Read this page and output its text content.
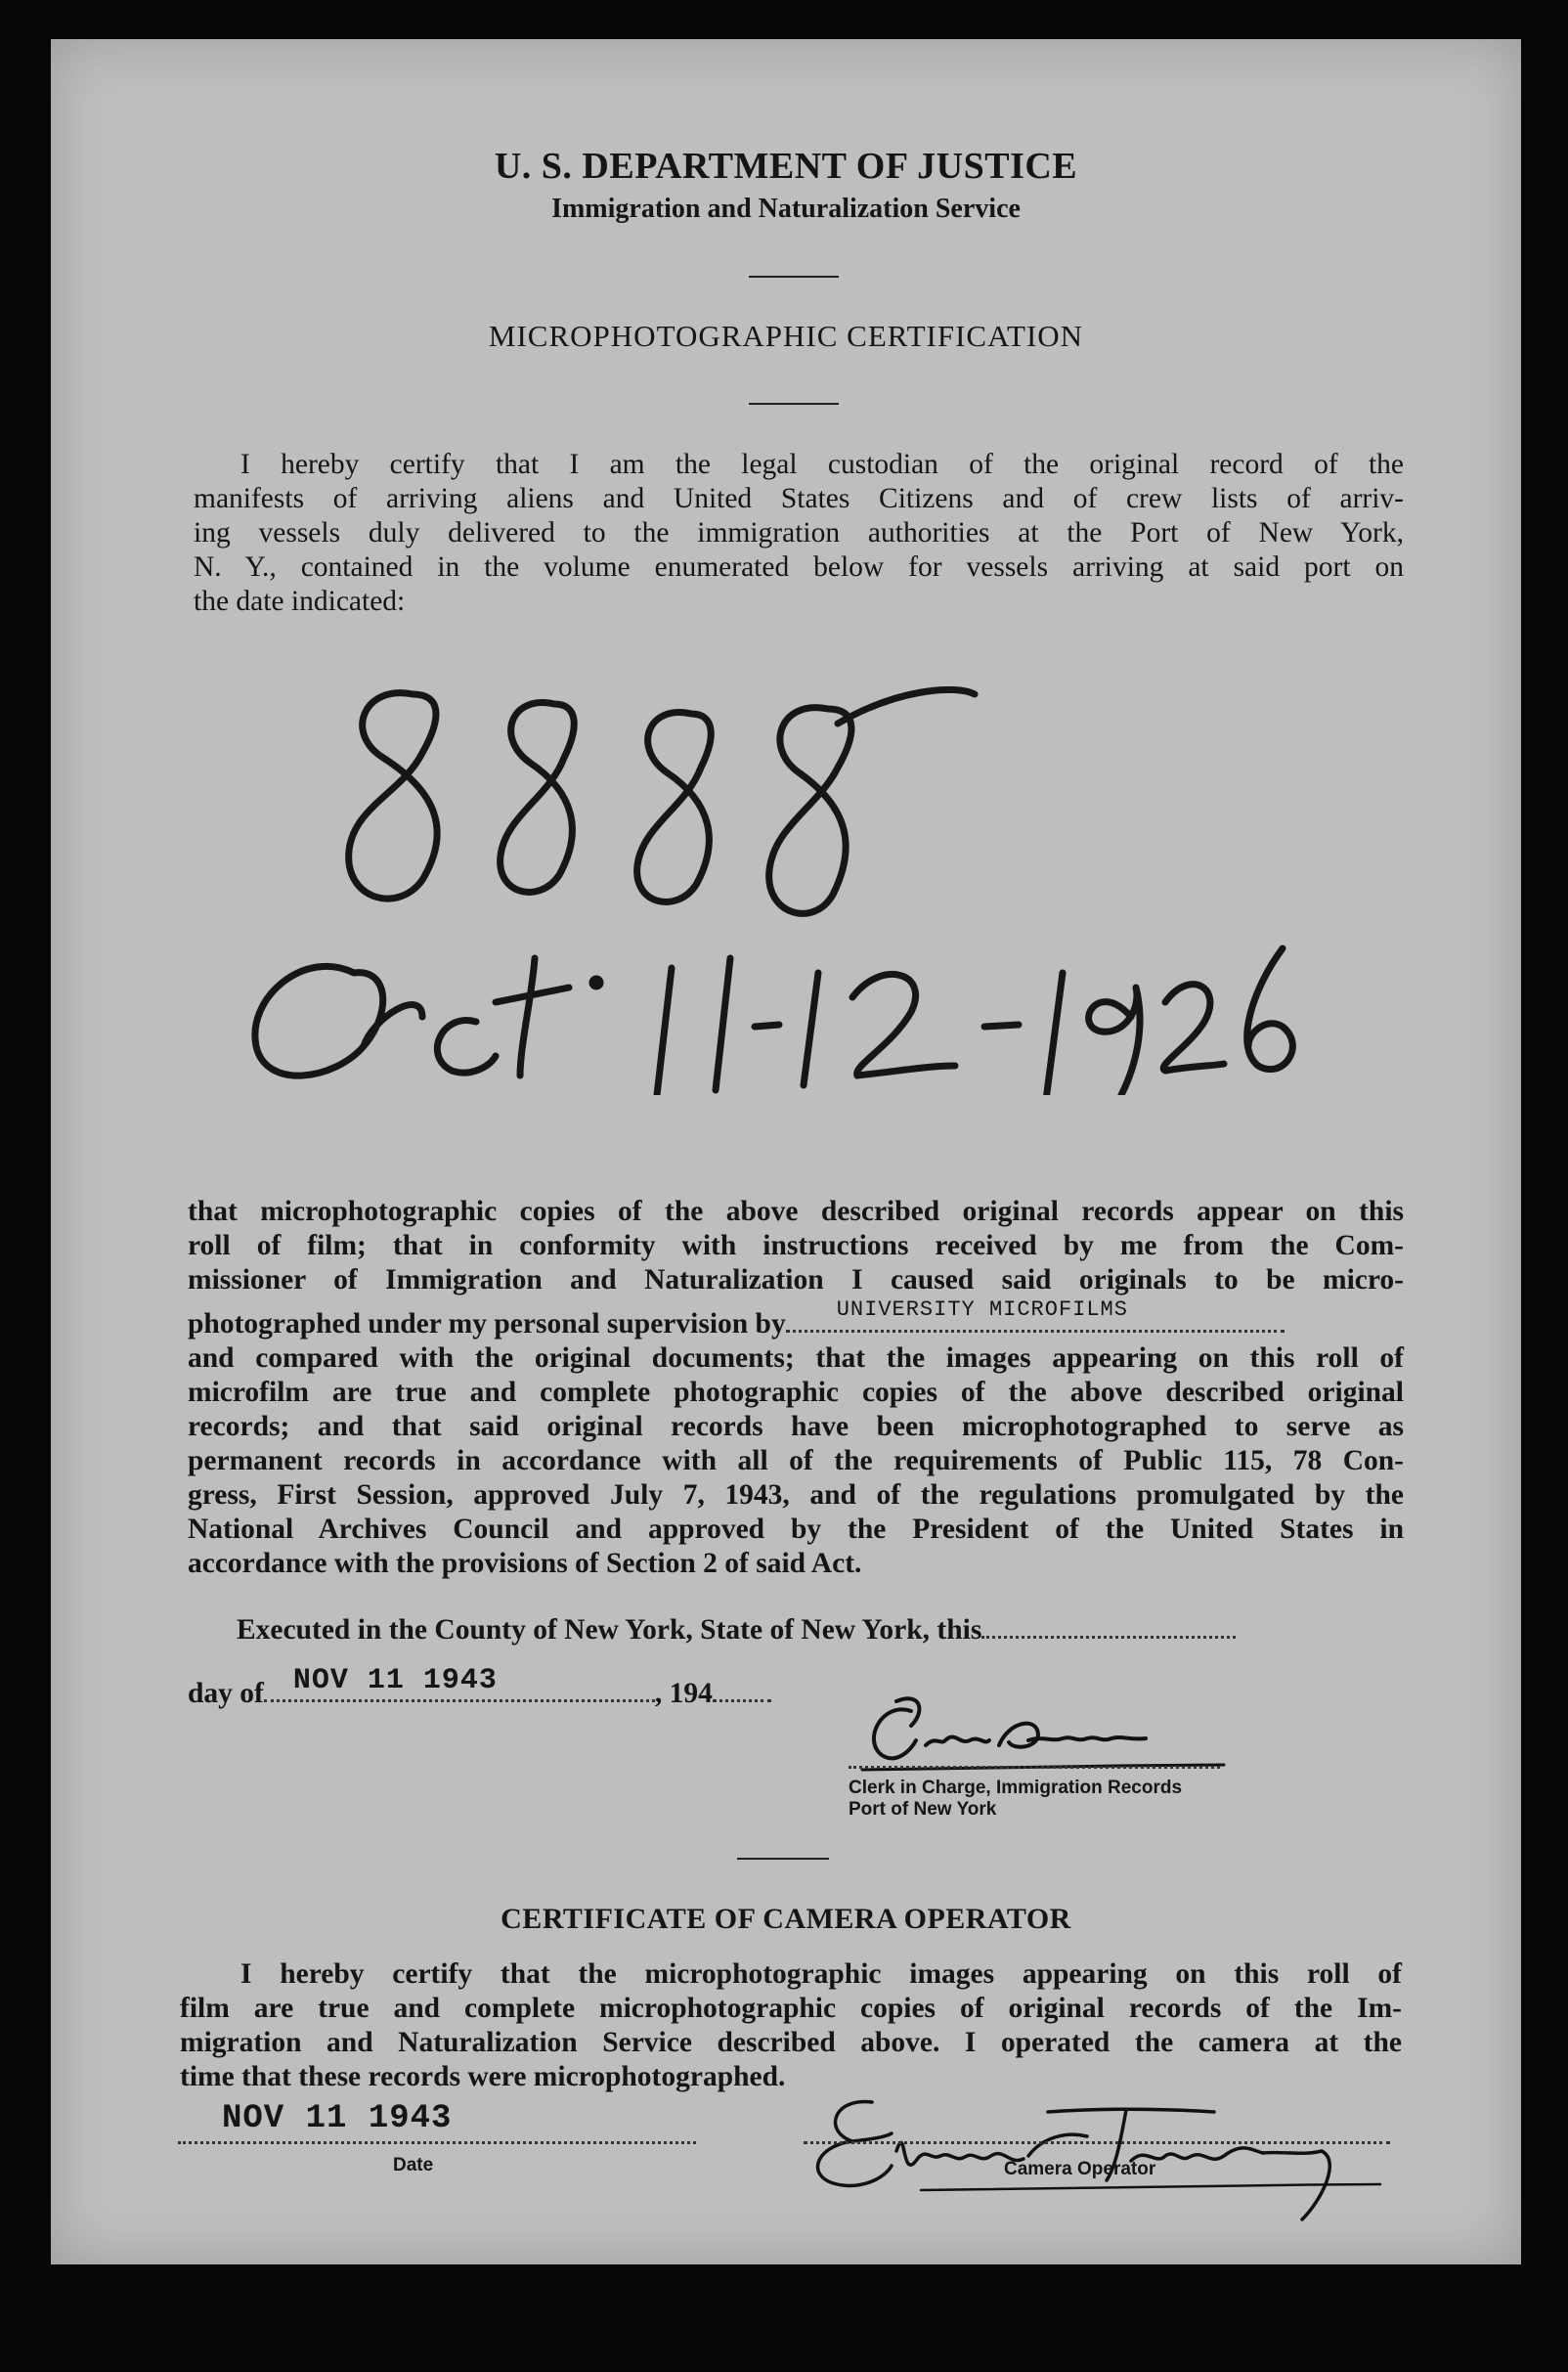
U. S. DEPARTMENT OF JUSTICE
Immigration and Naturalization Service
MICROPHOTOGRAPHIC CERTIFICATION
I hereby certify that I am the legal custodian of the original record of the
manifests of arriving aliens and United States Citizens and of crew lists of arriv-
ing vessels duly delivered to the immigration authorities at the Port of New York,
N. Y., contained in the volume enumerated below for vessels arriving at said port on
the date indicated:
that microphotographic copies of the above described original records appear on this
roll of film; that in conformity with instructions received by me from the Com-
missioner of Immigration and Naturalization I caused said originals to be micro-
photographed under my personal supervision by UNIVERSITY MICROFILMS
and compared with the original documents; that the images appearing on this roll of
microfilm are true and complete photographic copies of the above described original
records; and that said original records have been microphotographed to serve as
permanent records in accordance with all of the requirements of Public 115, 78 Con-
gress, First Session, approved July 7, 1943, and of the regulations promulgated by the
National Archives Council and approved by the President of the United States in
accordance with the provisions of Section 2 of said Act.
Executed in the County of New York, State of New York, this
day of NOV 11 1943	, 194
Clerk in Charge, Immigration Records
Port of New York
CERTIFICATE OF CAMERA OPERATOR
I hereby certify that the microphotographic images appearing on this roll of
film are true and complete microphotographic copies of original records of the Im-
migration and Naturalization Service described above. I operated the camera at the
time that these records were microphotographed.
NOV 11 1943
Date	Camera Operator
